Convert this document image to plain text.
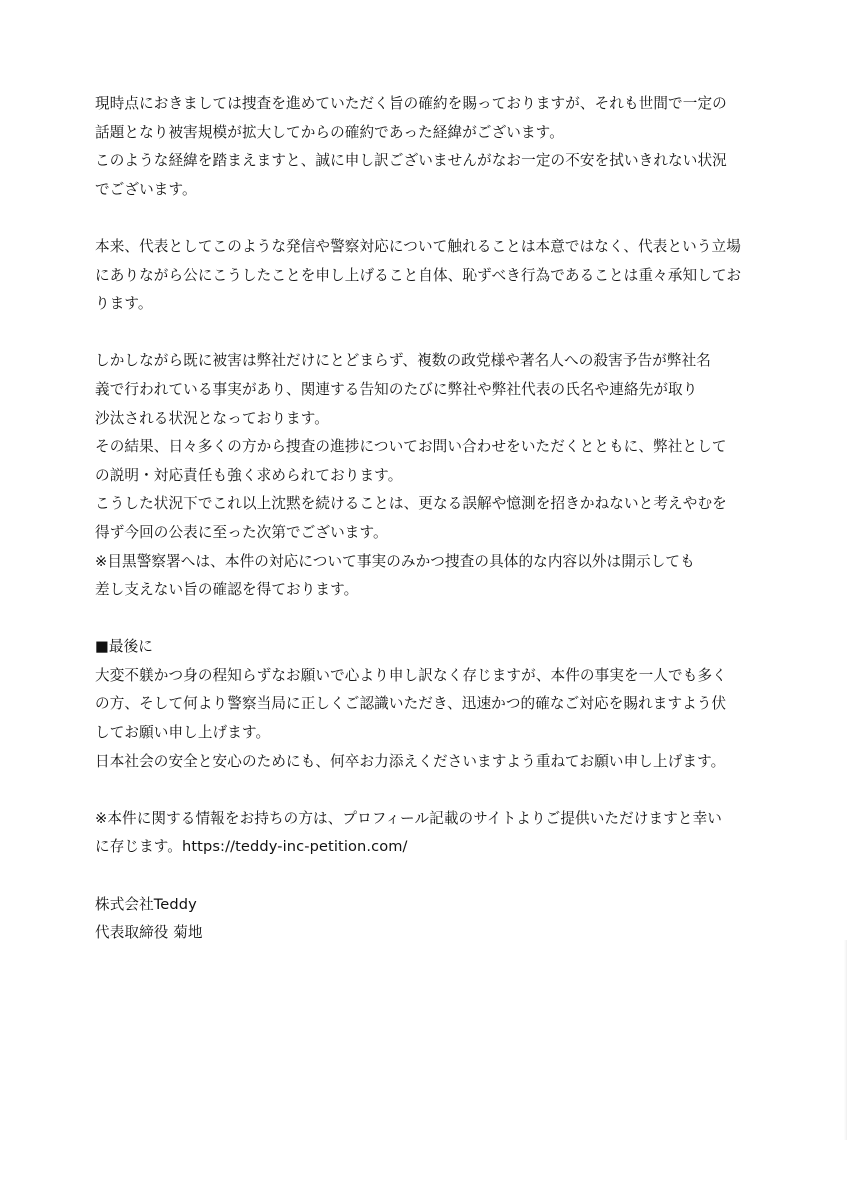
現時点におきましては捜査を進めていただく旨の確約を賜っておりますが、それも世間で一定の
話題となり被害規模が拡大してからの確約であった経緯がございます。
このような経緯を踏まえますと、誠に申し訳ございませんがなお一定の不安を拭いきれない状況
でございます。
本来、代表としてこのような発信や警察対応について触れることは本意ではなく、代表という立場
にありながら公にこうしたことを申し上げること自体、恥ずべき行為であることは重々承知してお
ります。
しかしながら既に被害は弊社だけにとどまらず、複数の政党様や著名人への殺害予告が弊社名
義で行われている事実があり、関連する告知のたびに弊社や弊社代表の氏名や連絡先が取り
沙汰される状況となっております。
その結果、日々多くの方から捜査の進捗についてお問い合わせをいただくとともに、弊社として
の説明・対応責任も強く求められております。
こうした状況下でこれ以上沈黙を続けることは、更なる誤解や憶測を招きかねないと考えやむを
得ず今回の公表に至った次第でございます。
※目黒警察署へは、本件の対応について事実のみかつ捜査の具体的な内容以外は開示しても
差し支えない旨の確認を得ております。
■最後に
大変不躾かつ身の程知らずなお願いで心より申し訳なく存じますが、本件の事実を一人でも多く
の方、そして何より警察当局に正しくご認識いただき、迅速かつ的確なご対応を賜れますよう伏
してお願い申し上げます。
日本社会の安全と安心のためにも、何卒お力添えくださいますよう重ねてお願い申し上げます。
※本件に関する情報をお持ちの方は、プロフィール記載のサイトよりご提供いただけますと幸い
に存じます。https://teddy-inc-petition.com/
株式会社Teddy
代表取締役 菊地
